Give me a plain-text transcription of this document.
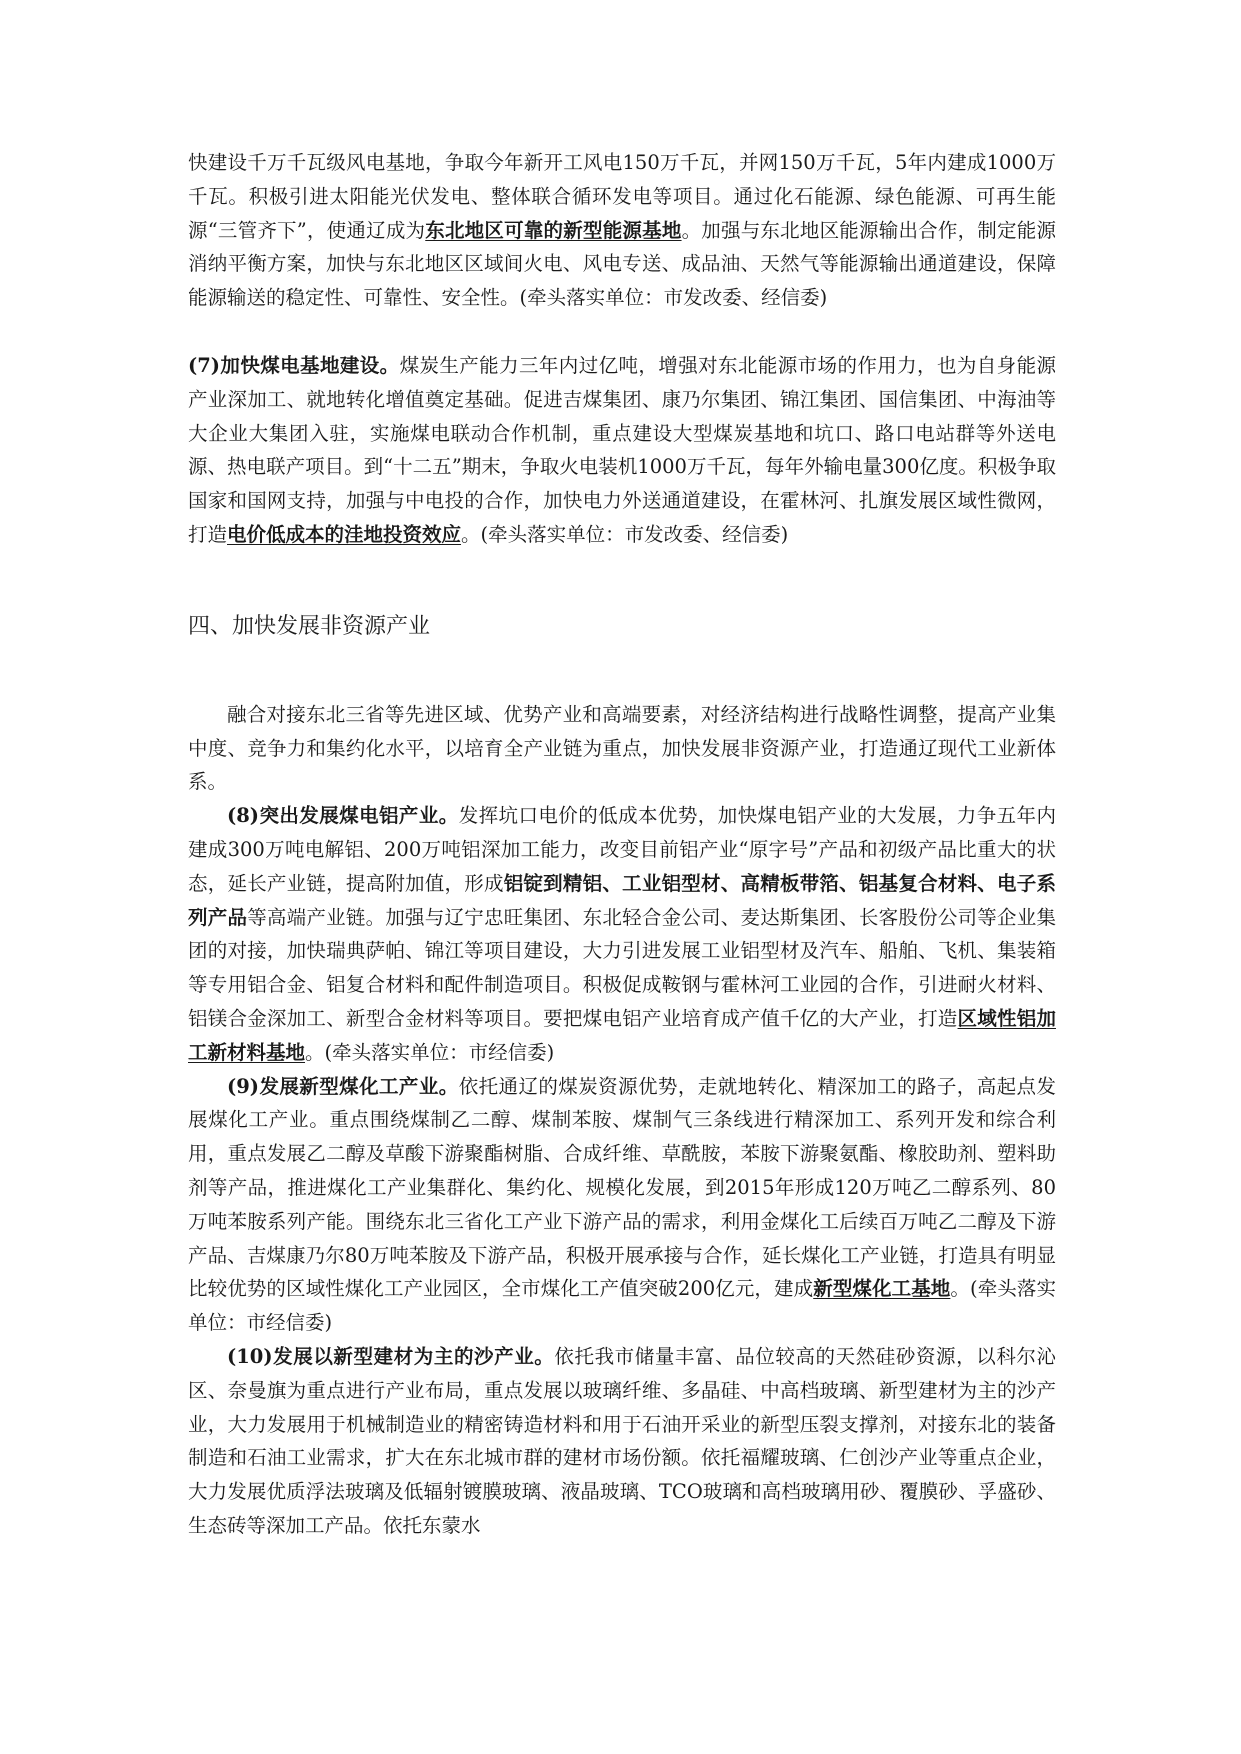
快建设千万千瓦级风电基地，争取今年新开工风电150万千瓦，并网150万千瓦，5年内建成1000万千瓦。积极引进太阳能光伏发电、整体联合循环发电等项目。通过化石能源、绿色能源、可再生能源“三管齐下”，使通辽成为东北地区可靠的新型能源基地。加强与东北地区能源输出合作，制定能源消纳平衡方案，加快与东北地区区域间火电、风电专送、成品油、天然气等能源输出通道建设，保障能源输送的稳定性、可靠性、安全性。(牵头落实单位：市发改委、经信委)

(7)加快煤电基地建设。煤炭生产能力三年内过亿吨，增强对东北能源市场的作用力，也为自身能源产业深加工、就地转化增值奠定基础。促进吉煤集团、康乃尔集团、锦江集团、国信集团、中海油等大企业大集团入驻，实施煤电联动合作机制，重点建设大型煤炭基地和坑口、路口电站群等外送电源、热电联产项目。到“十二五”期末，争取火电装机1000万千瓦，每年外输电量300亿度。积极争取国家和国网支持，加强与中电投的合作，加快电力外送通道建设，在霍林河、扎旗发展区域性微网，打造电价低成本的洼地投资效应。(牵头落实单位：市发改委、经信委)

四、加快发展非资源产业

融合对接东北三省等先进区域、优势产业和高端要素，对经济结构进行战略性调整，提高产业集中度、竞争力和集约化水平，以培育全产业链为重点，加快发展非资源产业，打造通辽现代工业新体系。

(8)突出发展煤电铝产业。发挥坑口电价的低成本优势，加快煤电铝产业的大发展，力争五年内建成300万吨电解铝、200万吨铝深加工能力，改变目前铝产业“原字号”产品和初级产品比重大的状态，延长产业链，提高附加值，形成铝锭到精铝、工业铝型材、高精板带箔、铝基复合材料、电子系列产品等高端产业链。加强与辽宁忠旺集团、东北轻合金公司、麦达斯集团、长客股份公司等企业集团的对接，加快瑞典萨帕、锦江等项目建设，大力引进发展工业铝型材及汽车、船舶、飞机、集装箱等专用铝合金、铝复合材料和配件制造项目。积极促成鞍钢与霍林河工业园的合作，引进耐火材料、铝镁合金深加工、新型合金材料等项目。要把煤电铝产业培育成产值千亿的大产业，打造区域性铝加工新材料基地。(牵头落实单位：市经信委)

(9)发展新型煤化工产业。依托通辽的煤炭资源优势，走就地转化、精深加工的路子，高起点发展煤化工产业。重点围绕煤制乙二醇、煤制苯胺、煤制气三条线进行精深加工、系列开发和综合利用，重点发展乙二醇及草酸下游聚酯树脂、合成纤维、草酰胺，苯胺下游聚氨酯、橡胶助剂、塑料助剂等产品，推进煤化工产业集群化、集约化、规模化发展，到2015年形成120万吨乙二醇系列、80万吨苯胺系列产能。围绕东北三省化工产业下游产品的需求，利用金煤化工后续百万吨乙二醇及下游产品、吉煤康乃尔80万吨苯胺及下游产品，积极开展承接与合作，延长煤化工产业链，打造具有明显比较优势的区域性煤化工产业园区，全市煤化工产值突破200亿元，建成新型煤化工基地。(牵头落实单位：市经信委)

(10)发展以新型建材为主的沙产业。依托我市储量丰富、品位较高的天然硅砂资源，以科尔沁区、奈曼旗为重点进行产业布局，重点发展以玻璃纤维、多晶硅、中高档玻璃、新型建材为主的沙产业，大力发展用于机械制造业的精密铸造材料和用于石油开采业的新型压裂支撑剂，对接东北的装备制造和石油工业需求，扩大在东北城市群的建材市场份额。依托福耀玻璃、仁创沙产业等重点企业，大力发展优质浮法玻璃及低辐射镀膜玻璃、液晶玻璃、TCO玻璃和高档玻璃用砂、覆膜砂、孚盛砂、生态砖等深加工产品。依托东蒙水
